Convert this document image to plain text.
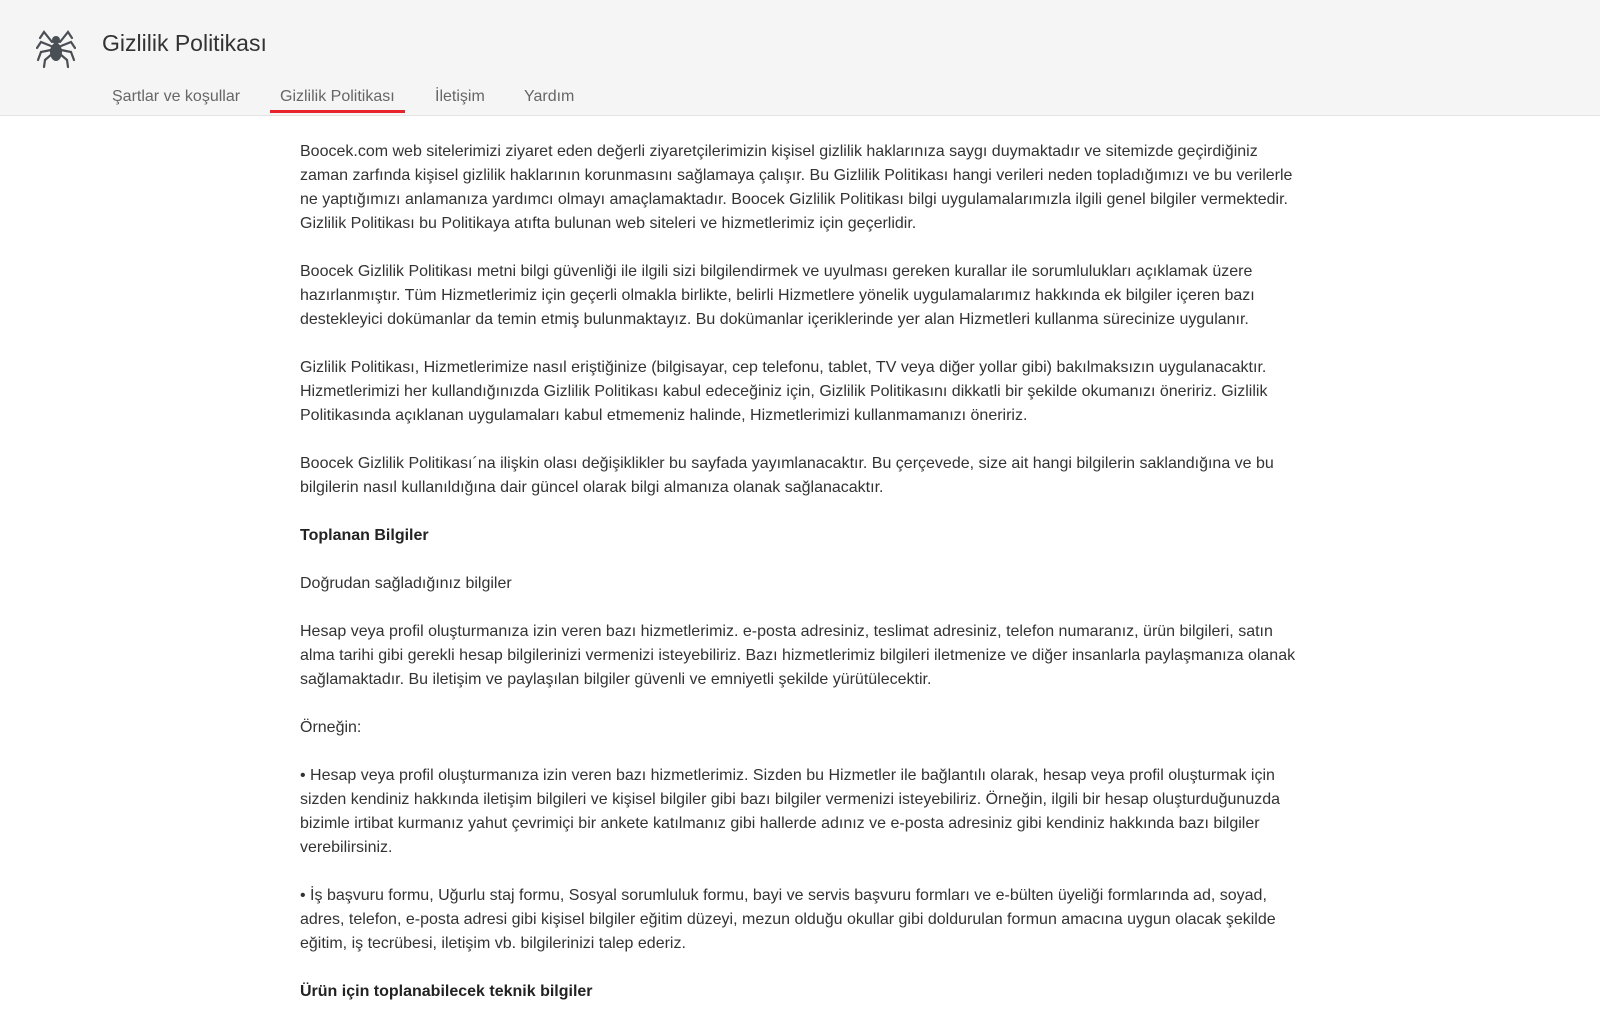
Gizlilik Politikası
Şartlar ve koşullar Gizlilik Politikası	İletişim Yardım

Boocek.com web sitelerimizi ziyaret eden değerli ziyaretçilerimizin kişisel gizlilik haklarınıza saygı duymaktadır ve sitemizde geçirdiğiniz zaman zarfında kişisel gizlilik haklarının korunmasını sağlamaya çalışır. Bu Gizlilik Politikası hangi verileri neden topladığımızı ve bu verilerle ne yaptığımızı anlamanıza yardımcı olmayı amaçlamaktadır. Boocek Gizlilik Politikası bilgi uygulamalarımızla ilgili genel bilgiler vermektedir. Gizlilik Politikası bu Politikaya atıfta bulunan web siteleri ve hizmetlerimiz için geçerlidir.

Boocek Gizlilik Politikası metni bilgi güvenliği ile ilgili sizi bilgilendirmek ve uyulması gereken kurallar ile sorumlulukları açıklamak üzere hazırlanmıştır. Tüm Hizmetlerimiz için geçerli olmakla birlikte, belirli Hizmetlere yönelik uygulamalarımız hakkında ek bilgiler içeren bazı destekleyici dokümanlar da temin etmiş bulunmaktayız. Bu dokümanlar içeriklerinde yer alan Hizmetleri kullanma sürecinize uygulanır.

Gizlilik Politikası, Hizmetlerimize nasıl eriştiğinize (bilgisayar, cep telefonu, tablet, TV veya diğer yollar gibi) bakılmaksızın uygulanacaktır. Hizmetlerimizi her kullandığınızda Gizlilik Politikası kabul edeceğiniz için, Gizlilik Politikasını dikkatli bir şekilde okumanızı öneririz. Gizlilik Politikasında açıklanan uygulamaları kabul etmemeniz halinde, Hizmetlerimizi kullanmamanızı öneririz.

Boocek Gizlilik Politikası´na ilişkin olası değişiklikler bu sayfada yayımlanacaktır. Bu çerçevede, size ait hangi bilgilerin saklandığına ve bu bilgilerin nasıl kullanıldığına dair güncel olarak bilgi almanıza olanak sağlanacaktır.

Toplanan Bilgiler

Doğrudan sağladığınız bilgiler

Hesap veya profil oluşturmanıza izin veren bazı hizmetlerimiz. e-posta adresiniz, teslimat adresiniz, telefon numaranız, ürün bilgileri, satın alma tarihi gibi gerekli hesap bilgilerinizi vermenizi isteyebiliriz. Bazı hizmetlerimiz bilgileri iletmenize ve diğer insanlarla paylaşmanıza olanak sağlamaktadır. Bu iletişim ve paylaşılan bilgiler güvenli ve emniyetli şekilde yürütülecektir.

Örneğin:

• Hesap veya profil oluşturmanıza izin veren bazı hizmetlerimiz. Sizden bu Hizmetler ile bağlantılı olarak, hesap veya profil oluşturmak için sizden kendiniz hakkında iletişim bilgileri ve kişisel bilgiler gibi bazı bilgiler vermenizi isteyebiliriz. Örneğin, ilgili bir hesap oluşturduğunuzda bizimle irtibat kurmanız yahut çevrimiçi bir ankete katılmanız gibi hallerde adınız ve e-posta adresiniz gibi kendiniz hakkında bazı bilgiler verebilirsiniz.

• İş başvuru formu, Uğurlu staj formu, Sosyal sorumluluk formu, bayi ve servis başvuru formları ve e-bülten üyeliği formlarında ad, soyad, adres, telefon, e-posta adresi gibi kişisel bilgiler eğitim düzeyi, mezun olduğu okullar gibi doldurulan formun amacına uygun olacak şekilde eğitim, iş tecrübesi, iletişim vb. bilgilerinizi talep ederiz.

Ürün için toplanabilecek teknik bilgiler
